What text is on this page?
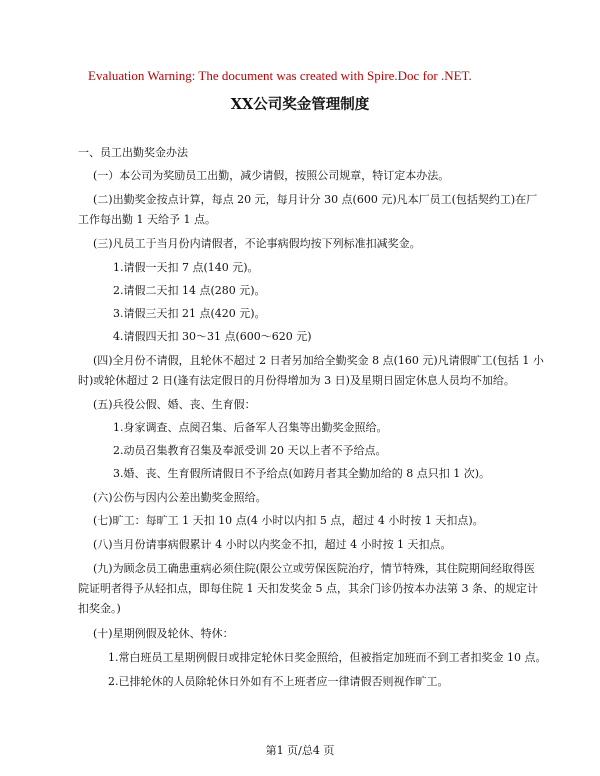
Evaluation Warning: The document was created with Spire.Doc for .NET.
XX公司奖金管理制度
一、员工出勤奖金办法
(一）本公司为奖励员工出勤，减少请假，按照公司规章，特订定本办法。
(二)出勤奖金按点计算，每点 20 元，每月计分 30 点(600 元)凡本厂员工(包括契约工)在厂
工作每出勤 1 天给予 1 点。
(三)凡员工于当月份内请假者，不论事病假均按下列标准扣减奖金。
1.请假一天扣 7 点(140 元)。
2.请假二天扣 14 点(280 元)。
3.请假三天扣 21 点(420 元)。
4.请假四天扣 30～31 点(600～620 元)
(四)全月份不请假，且轮休不超过 2 日者另加给全勤奖金 8 点(160 元)凡请假旷工(包括 1 小
时)或轮休超过 2 日(逢有法定假日的月份得增加为 3 日)及星期日固定休息人员均不加给。
(五)兵役公假、婚、丧、生育假：
1.身家调查、点阅召集、后备军人召集等出勤奖金照给。
2.动员召集教育召集及奉派受训 20 天以上者不予给点。
3.婚、丧、生育假所请假日不予给点(如跨月者其全勤加给的 8 点只扣 1 次)。
(六)公伤与因内公差出勤奖金照给。
(七)旷工：每旷工 1 天扣 10 点(4 小时以内扣 5 点，超过 4 小时按 1 天扣点)。
(八)当月份请事病假累计 4 小时以内奖金不扣，超过 4 小时按 1 天扣点。
(九)为顾念员工确患重病必须住院(限公立或劳保医院治疗，情节特殊，其住院期间经取得医
院证明者得予从轻扣点，即每住院 1 天扣发奖金 5 点，其余门诊仍按本办法第 3 条、的规定计
扣奖金。)
(十)星期例假及轮休、特休：
1.常白班员工星期例假日或排定轮休日奖金照给，但被指定加班而不到工者扣奖金 10 点。
2.已排轮休的人员除轮休日外如有不上班者应一律请假否则视作旷工。
第1 页/总4 页
